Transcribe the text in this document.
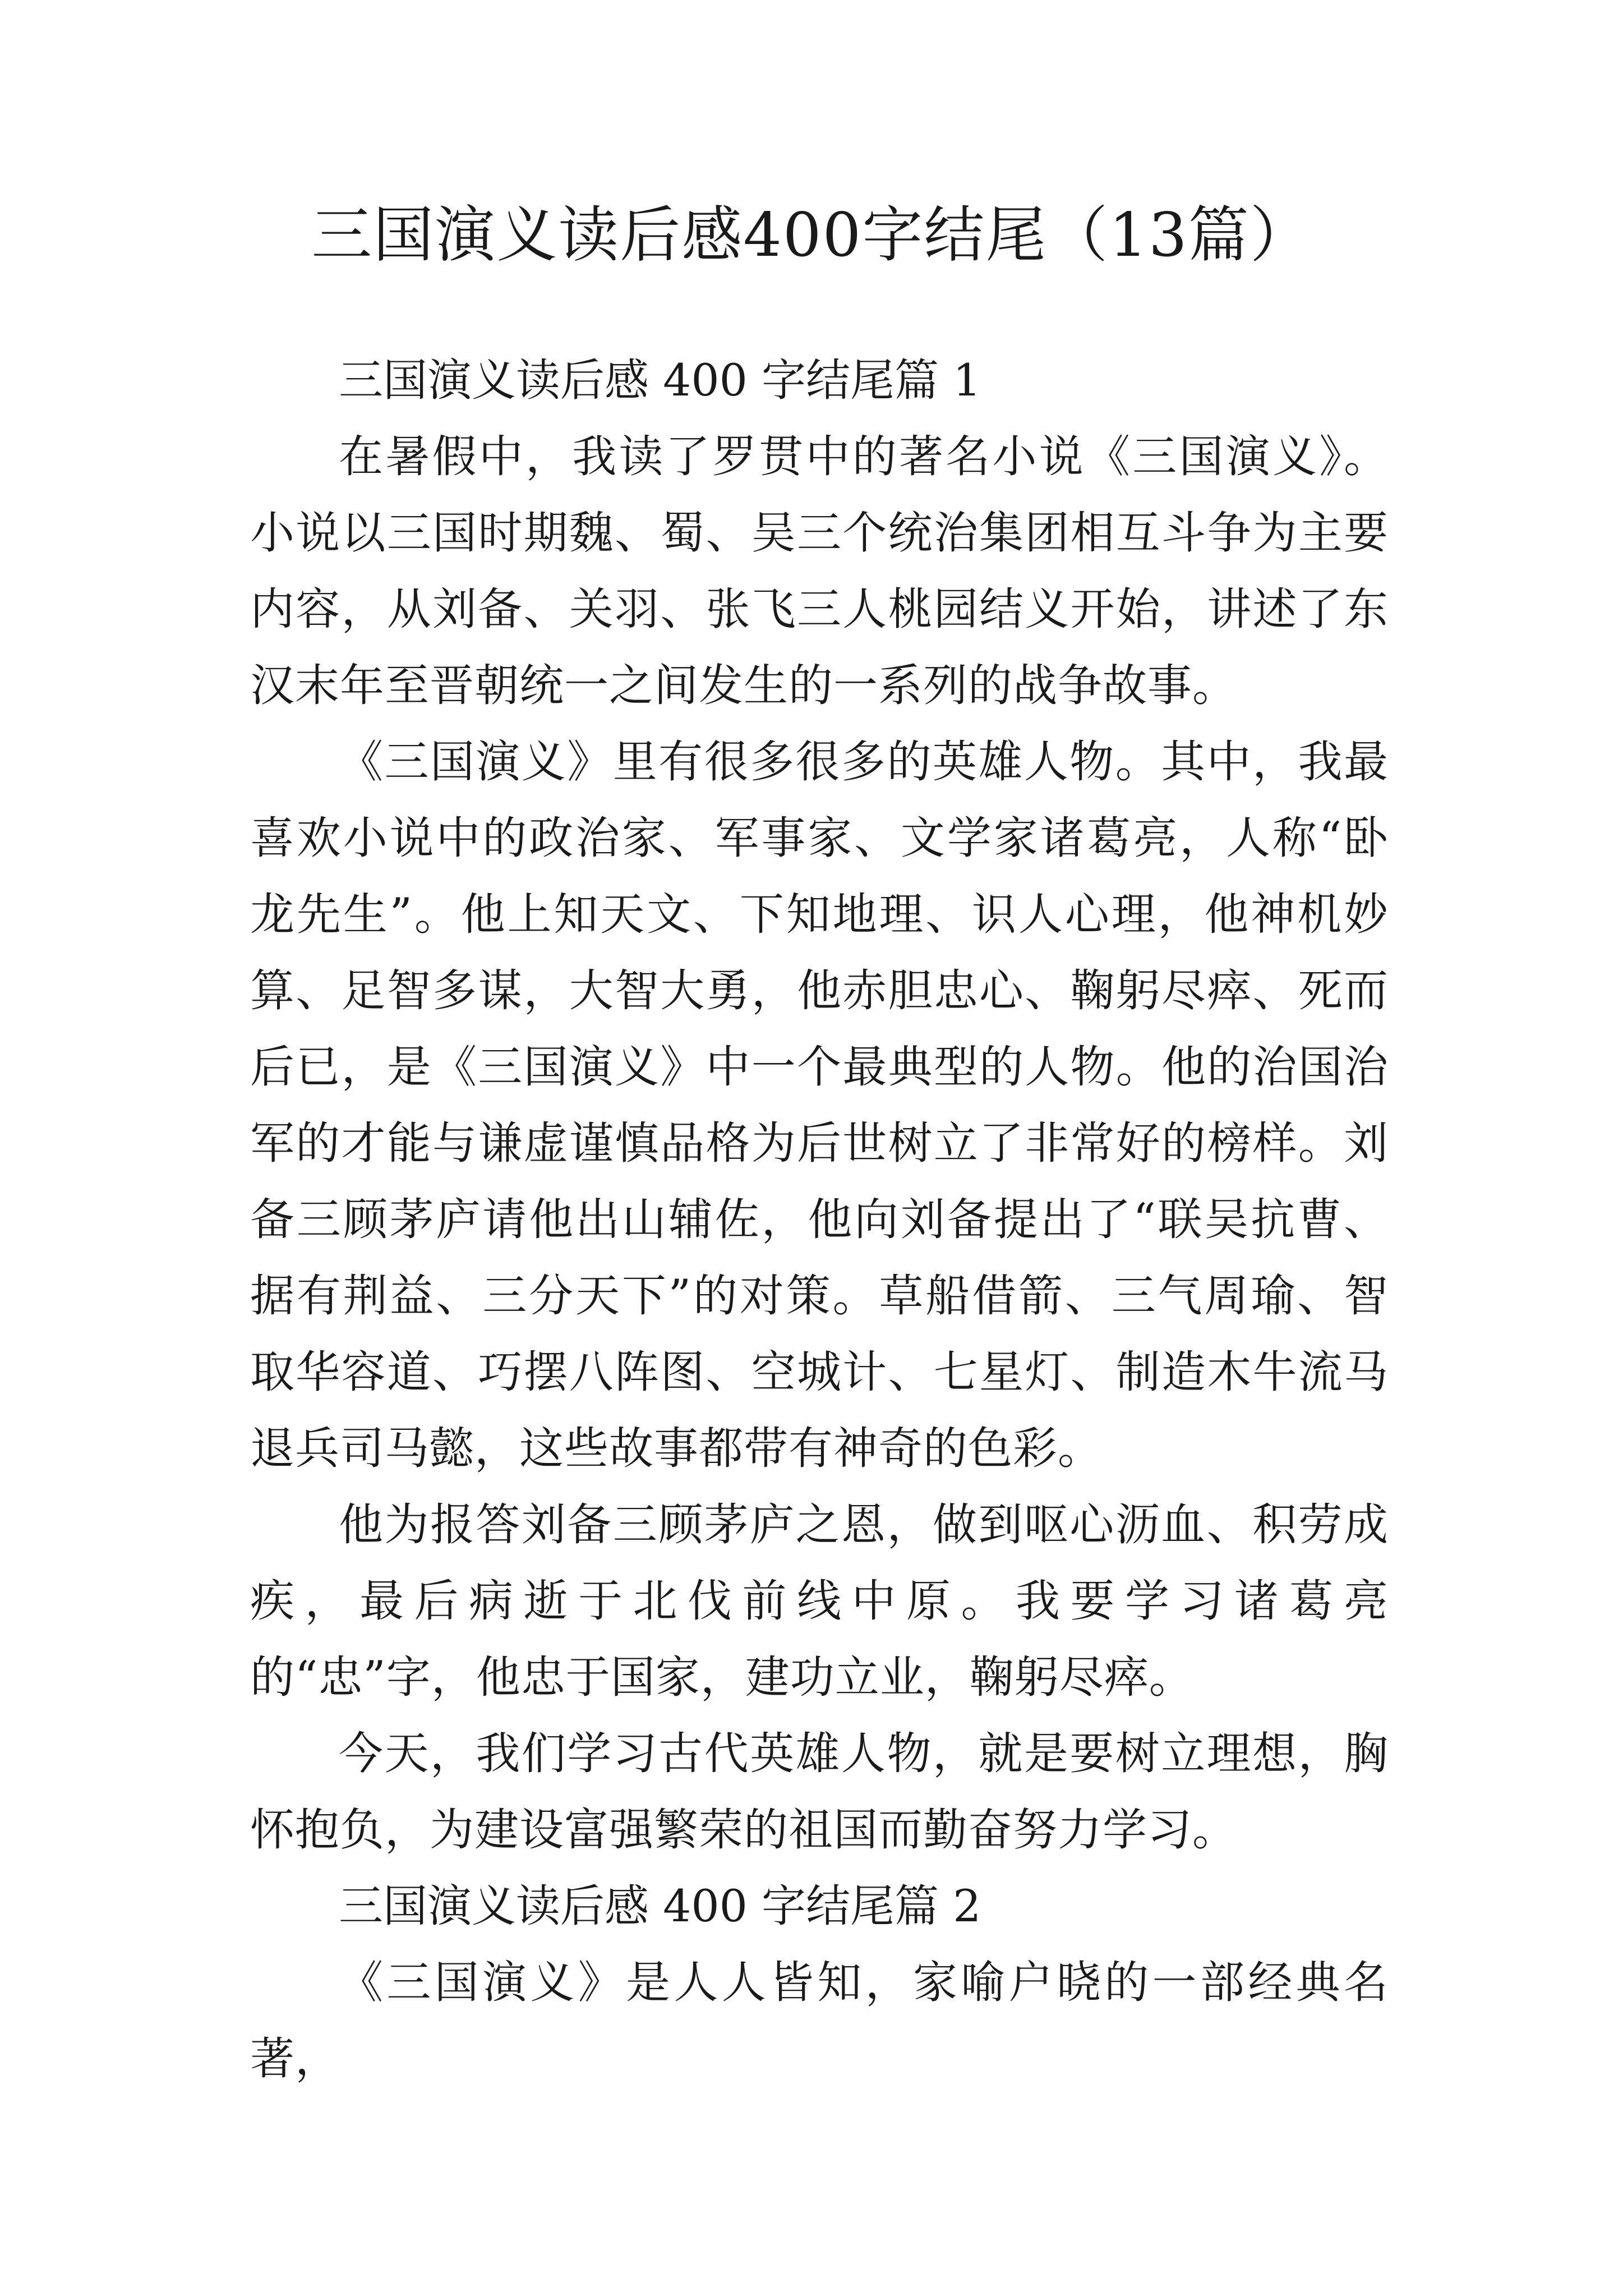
三国演义读后感400字结尾（13篇）

三国演义读后感 400 字结尾篇 1

在暑假中，我读了罗贯中的著名小说《三国演义》。小说以三国时期魏、蜀、吴三个统治集团相互斗争为主要内容，从刘备、关羽、张飞三人桃园结义开始，讲述了东汉末年至晋朝统一之间发生的一系列的战争故事。

《三国演义》里有很多很多的英雄人物。其中，我最喜欢小说中的政治家、军事家、文学家诸葛亮，人称“卧龙先生”。他上知天文、下知地理、识人心理，他神机妙算、足智多谋，大智大勇，他赤胆忠心、鞠躬尽瘁、死而后已，是《三国演义》中一个最典型的人物。他的治国治军的才能与谦虚谨慎品格为后世树立了非常好的榜样。刘备三顾茅庐请他出山辅佐，他向刘备提出了“联吴抗曹、据有荆益、三分天下”的对策。草船借箭、三气周瑜、智取华容道、巧摆八阵图、空城计、七星灯、制造木牛流马退兵司马懿，这些故事都带有神奇的色彩。

他为报答刘备三顾茅庐之恩，做到呕心沥血、积劳成疾，最后病逝于北伐前线中原。我要学习诸葛亮的“忠”字，他忠于国家，建功立业，鞠躬尽瘁。

今天，我们学习古代英雄人物，就是要树立理想，胸怀抱负，为建设富强繁荣的祖国而勤奋努力学习。

三国演义读后感 400 字结尾篇 2

《三国演义》是人人皆知，家喻户晓的一部经典名著，
